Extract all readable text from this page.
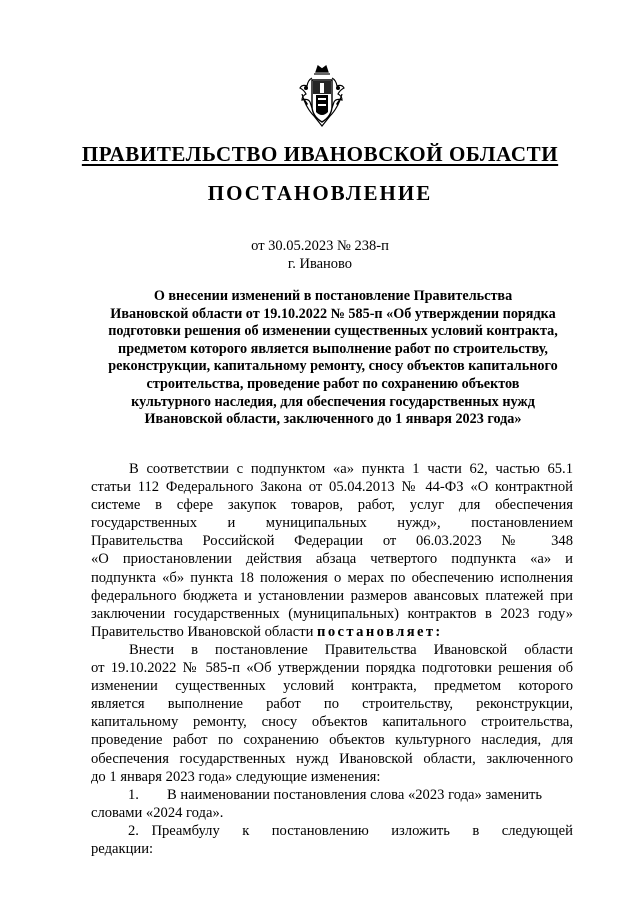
ПРАВИТЕЛЬСТВО ИВАНОВСКОЙ ОБЛАСТИ
ПОСТАНОВЛЕНИЕ
от 30.05.2023 № 238-п
г. Иваново
О внесении изменений в постановление Правительства
Ивановской области от 19.10.2022 № 585-п «Об утверждении порядка
подготовки решения об изменении существенных условий контракта,
предметом которого является выполнение работ по строительству,
реконструкции, капитальному ремонту, сносу объектов капитального
строительства, проведение работ по сохранению объектов
культурного наследия, для обеспечения государственных нужд
Ивановской области, заключенного до 1 января 2023 года»
В соответствии с подпунктом «а» пункта 1 части 62, частью 65.1
статьи 112 Федерального Закона от 05.04.2013 № 44-ФЗ «О контрактной
системе в сфере закупок товаров, работ, услуг для обеспечения
государственных и муниципальных нужд», постановлением
Правительства Российской Федерации от 06.03.2023 № 348
«О приостановлении действия абзаца четвертого подпункта «а» и
подпункта «б» пункта 18 положения о мерах по обеспечению исполнения
федерального бюджета и установлении размеров авансовых платежей при
заключении государственных (муниципальных) контрактов в 2023 году»
Правительство Ивановской области постановляет:
Внести в постановление Правительства Ивановской области
от 19.10.2022 № 585-п «Об утверждении порядка подготовки решения об
изменении существенных условий контракта, предметом которого
является выполнение работ по строительству, реконструкции,
капитальному ремонту, сносу объектов капитального строительства,
проведение работ по сохранению объектов культурного наследия, для
обеспечения государственных нужд Ивановской области, заключенного
до 1 января 2023 года» следующие изменения:
1. В наименовании постановления слова «2023 года» заменить
словами «2024 года».
2. Преамбулу к постановлению изложить в следующей
редакции:
